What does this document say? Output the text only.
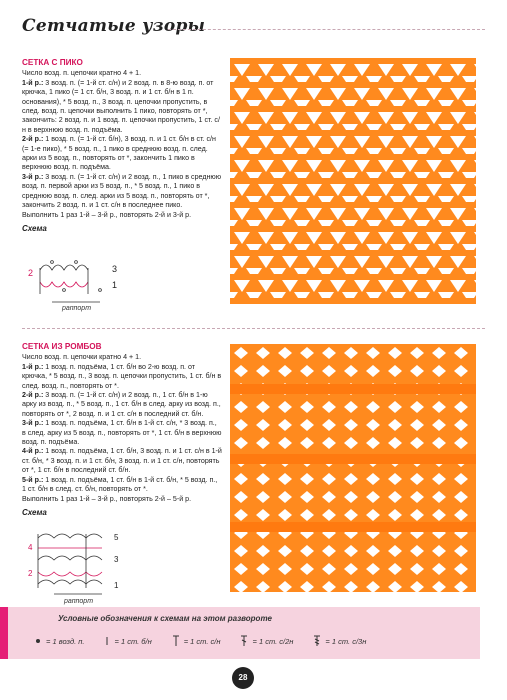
Сетчатые узоры
СЕТКА С ПИКО
Число возд. п. цепочки кратно 4 + 1.
1-й р.: 3 возд. п. (= 1-й ст. с/н) и 2 возд. п. в 8-ю возд. п. от крючка, 1 пико (= 1 ст. б/н, 3 возд. п. и 1 ст. б/н в 1 п. основания), * 5 возд. п., 3 возд. п. цепочки пропустить, в след. возд. п. цепочки выполнить 1 пико, повторять от *, закончить: 2 возд. п. и 1 возд. п. цепочки пропустить, 1 ст. с/н в верхнюю возд. п. подъёма.
2-й р.: 1 возд. п. (= 1-й ст. б/н), 3 возд. п. и 1 ст. б/н в ст. с/н (= 1-е пико), * 5 возд. п., 1 пико в среднюю возд. п. след. арки из 5 возд. п., повторять от *, закончить 1 пико в верхнюю возд. п. подъёма.
3-й р.: 3 возд. п. (= 1-й ст. с/н) и 2 возд. п., 1 пико в среднюю возд. п. первой арки из 5 возд. п., * 5 возд. п., 1 пико в среднюю возд. п. след. арки из 5 возд. п., повторять от *, закончить 2 возд. п. и 1 ст. с/н в последнее пико.
Выполнить 1 раз 1-й – 3-й р., повторять 2-й и 3-й р.
Схема
2	3
1
раппорт
СЕТКА ИЗ РОМБОВ
Число возд. п. цепочки кратно 4 + 1.
1-й р.: 1 возд. п. подъёма, 1 ст. б/н во 2-ю возд. п. от крючка, * 5 возд. п., 3 возд. п. цепочки пропустить, 1 ст. б/н в след. возд. п., повторять от *.
2-й р.: 3 возд. п. (= 1-й ст. с/н) и 2 возд. п., 1 ст. б/н в 1-ю арку из возд. п., * 5 возд. п., 1 ст. б/н в след. арку из возд. п., повторять от *, 2 возд. п. и 1 ст. с/н в последний ст. б/н.
3-й р.: 1 возд. п. подъёма, 1 ст. б/н в 1-й ст. с/н, * 3 возд. п., в след. арку из 5 возд. п., повторять от *, 1 ст. б/н в верхнюю возд. п. подъёма.
4-й р.: 1 возд. п. подъёма, 1 ст. б/н, 3 возд. п. и 1 ст. с/н в 1-й ст. б/н, * 3 возд. п. и 1 ст. б/н, 3 возд. п. и 1 ст. с/н, повторять от *, 1 ст. б/н в последний ст. б/н.
5-й р.: 1 возд. п. подъёма, 1 ст. б/н в 1-й ст. б/н, * 5 возд. п., 1 ст. б/н в след. ст. б/н, повторять от *.
Выполнить 1 раз 1-й – 3-й р., повторять 2-й – 5-й р.
Схема
4
2
5
3
1
раппорт
Условные обозначения к схемам на этом развороте
= 1 возд. п.	= 1 ст. б/н	= 1 ст. с/н	= 1 ст. с/2н	= 1 ст. с/3н
28
